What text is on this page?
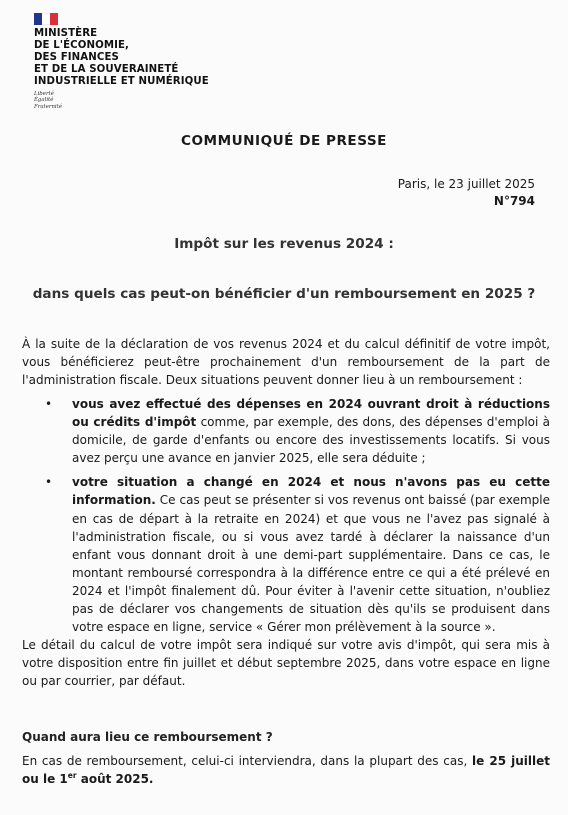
MINISTÈRE
DE L'ÉCONOMIE,
DES FINANCES
ET DE LA SOUVERAINETÉ
INDUSTRIELLE ET NUMÉRIQUE
Liberté
Égalité
Fraternité
COMMUNIQUÉ DE PRESSE
Paris, le 23 juillet 2025
N°794
Impôt sur les revenus 2024 :
dans quels cas peut-on bénéficier d'un remboursement en 2025 ?

À la suite de la déclaration de vos revenus 2024 et du calcul définitif de votre impôt, vous bénéficierez peut-être prochainement d'un remboursement de la part de l'administration fiscale. Deux situations peuvent donner lieu à un remboursement :

• vous avez effectué des dépenses en 2024 ouvrant droit à réductions ou crédits d'impôt comme, par exemple, des dons, des dépenses d'emploi à domicile, de garde d'enfants ou encore des investissements locatifs. Si vous avez perçu une avance en janvier 2025, elle sera déduite ;
• votre situation a changé en 2024 et nous n'avons pas eu cette information. Ce cas peut se présenter si vos revenus ont baissé (par exemple en cas de départ à la retraite en 2024) et que vous ne l'avez pas signalé à l'administration fiscale, ou si vous avez tardé à déclarer la naissance d'un enfant vous donnant droit à une demi-part supplémentaire. Dans ce cas, le montant remboursé correspondra à la différence entre ce qui a été prélevé en 2024 et l'impôt finalement dû. Pour éviter à l'avenir cette situation, n'oubliez pas de déclarer vos changements de situation dès qu'ils se produisent dans votre espace en ligne, service « Gérer mon prélèvement à la source ».

Le détail du calcul de votre impôt sera indiqué sur votre avis d'impôt, qui sera mis à votre disposition entre fin juillet et début septembre 2025, dans votre espace en ligne ou par courrier, par défaut.

Quand aura lieu ce remboursement ?

En cas de remboursement, celui-ci interviendra, dans la plupart des cas, le 25 juillet ou le 1er août 2025.
